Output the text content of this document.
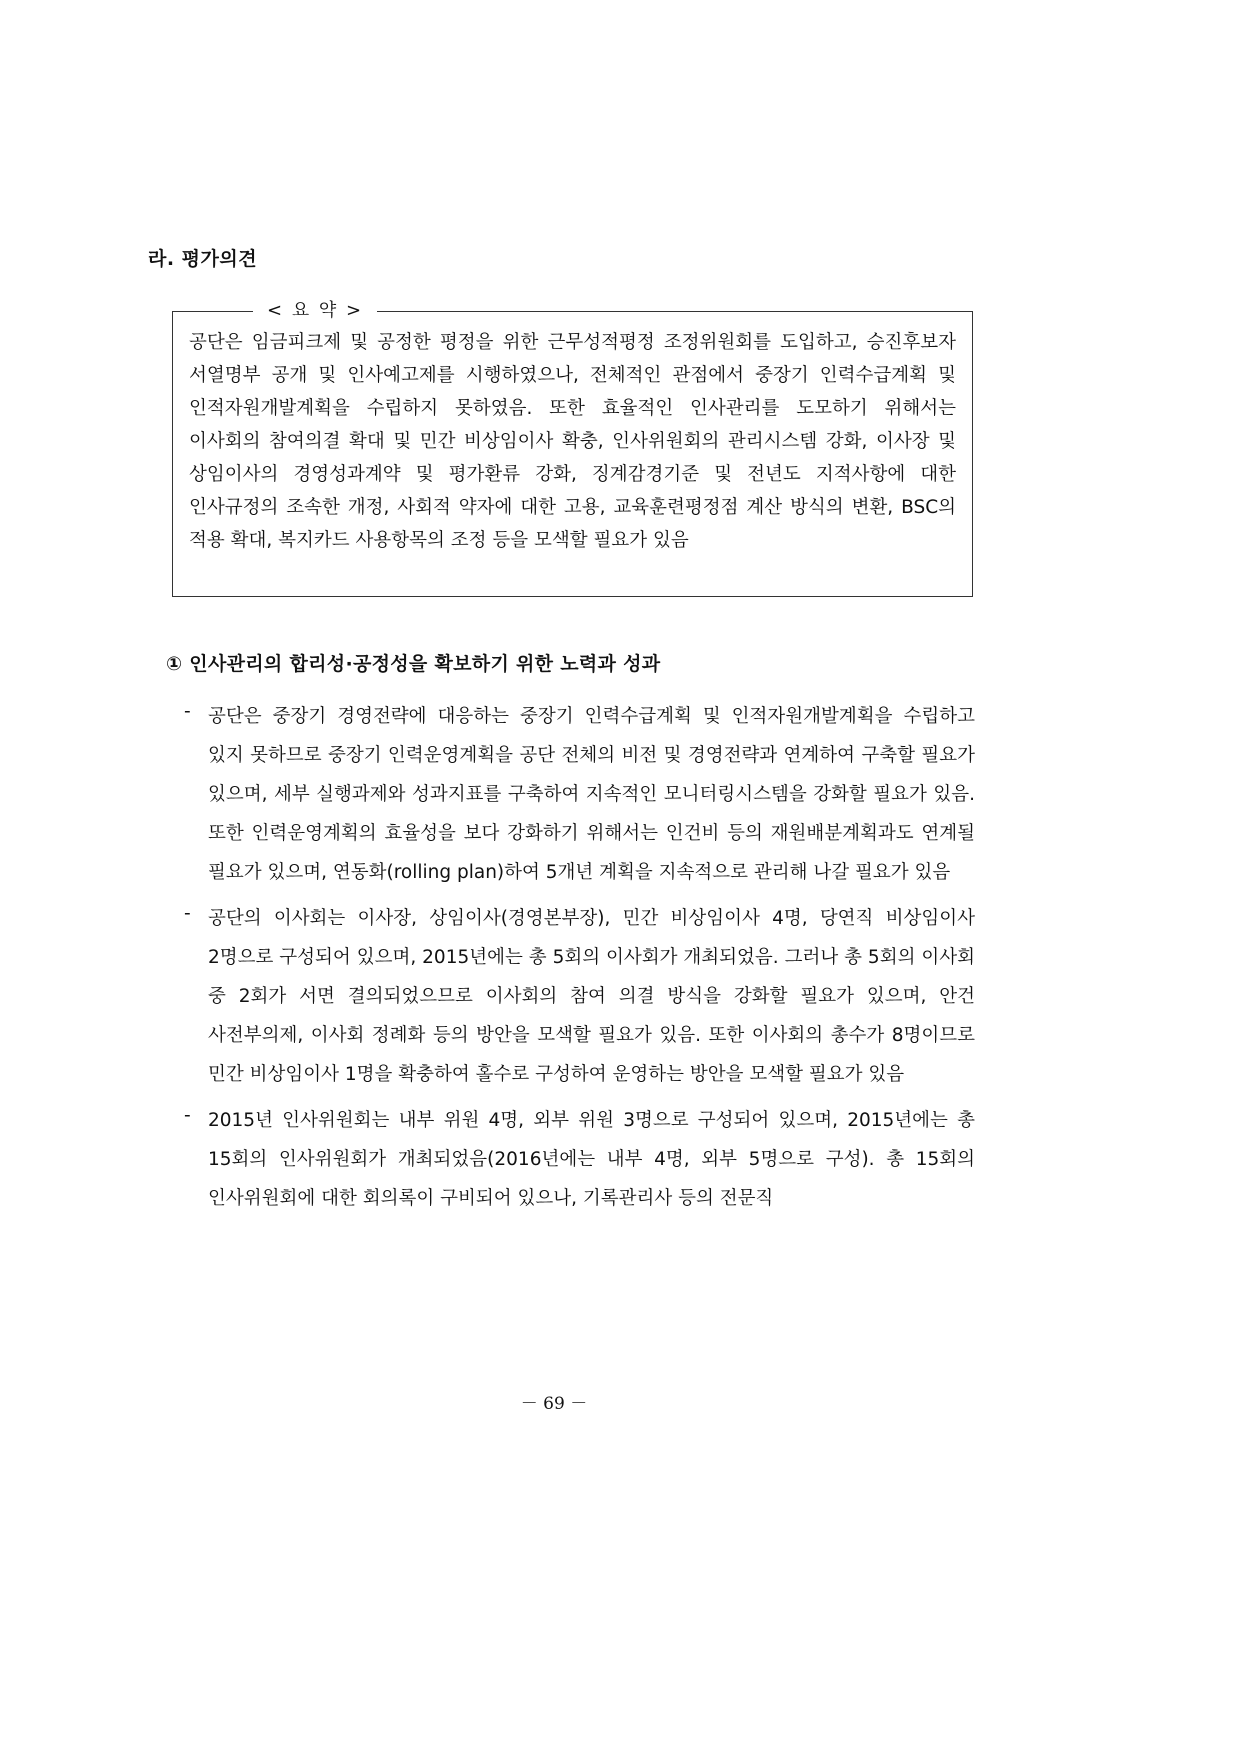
라. 평가의견
< 요 약 >
공단은 임금피크제 및 공정한 평정을 위한 근무성적평정 조정위원회를 도입하고, 승진후보자 서열명부 공개 및 인사예고제를 시행하였으나, 전체적인 관점에서 중장기 인력수급계획 및 인적자원개발계획을 수립하지 못하였음. 또한 효율적인 인사관리를 도모하기 위해서는 이사회의 참여의결 확대 및 민간 비상임이사 확충, 인사위원회의 관리시스템 강화, 이사장 및 상임이사의 경영성과계약 및 평가환류 강화, 징계감경기준 및 전년도 지적사항에 대한 인사규정의 조속한 개정, 사회적 약자에 대한 고용, 교육훈련평정점 계산 방식의 변환, BSC의 적용 확대, 복지카드 사용항목의 조정 등을 모색할 필요가 있음
① 인사관리의 합리성·공정성을 확보하기 위한 노력과 성과
- 공단은 중장기 경영전략에 대응하는 중장기 인력수급계획 및 인적자원개발계획을 수립하고 있지 못하므로 중장기 인력운영계획을 공단 전체의 비전 및 경영전략과 연계하여 구축할 필요가 있으며, 세부 실행과제와 성과지표를 구축하여 지속적인 모니터링시스템을 강화할 필요가 있음. 또한 인력운영계획의 효율성을 보다 강화하기 위해서는 인건비 등의 재원배분계획과도 연계될 필요가 있으며, 연동화(rolling plan)하여 5개년 계획을 지속적으로 관리해 나갈 필요가 있음
- 공단의 이사회는 이사장, 상임이사(경영본부장), 민간 비상임이사 4명, 당연직 비상임이사 2명으로 구성되어 있으며, 2015년에는 총 5회의 이사회가 개최되었음. 그러나 총 5회의 이사회 중 2회가 서면 결의되었으므로 이사회의 참여 의결 방식을 강화할 필요가 있으며, 안건 사전부의제, 이사회 정례화 등의 방안을 모색할 필요가 있음. 또한 이사회의 총수가 8명이므로 민간 비상임이사 1명을 확충하여 홀수로 구성하여 운영하는 방안을 모색할 필요가 있음
- 2015년 인사위원회는 내부 위원 4명, 외부 위원 3명으로 구성되어 있으며, 2015년에는 총 15회의 인사위원회가 개최되었음(2016년에는 내부 4명, 외부 5명으로 구성). 총 15회의 인사위원회에 대한 회의록이 구비되어 있으나, 기록관리사 등의 전문직
－ 69 －
